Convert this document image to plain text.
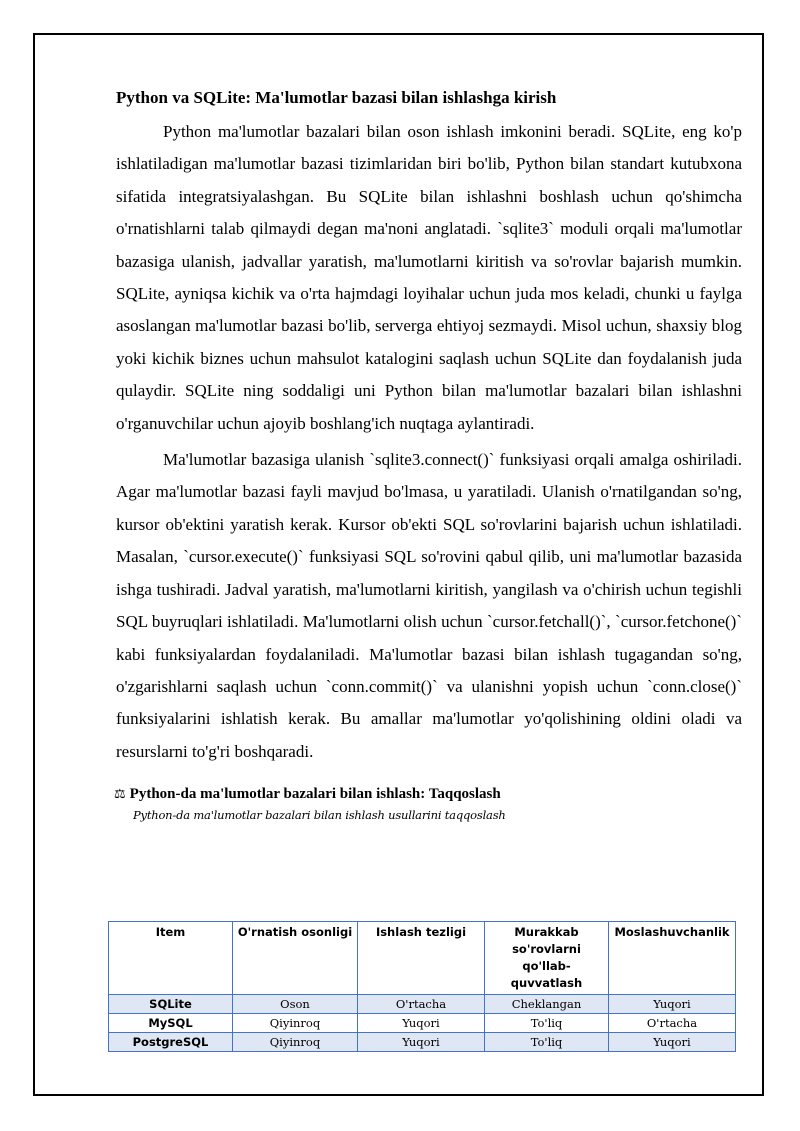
Python va SQLite: Ma'lumotlar bazasi bilan ishlashga kirish

Python ma'lumotlar bazalari bilan oson ishlash imkonini beradi. SQLite, eng ko'p ishlatiladigan ma'lumotlar bazasi tizimlaridan biri bo'lib, Python bilan standart kutubxona sifatida integratsiyalashgan. Bu SQLite bilan ishlashni boshlash uchun qo'shimcha o'rnatishlarni talab qilmaydi degan ma'noni anglatadi. `sqlite3` moduli orqali ma'lumotlar bazasiga ulanish, jadvallar yaratish, ma'lumotlarni kiritish va so'rovlar bajarish mumkin. SQLite, ayniqsa kichik va o'rta hajmdagi loyihalar uchun juda mos keladi, chunki u faylga asoslangan ma'lumotlar bazasi bo'lib, serverga ehtiyoj sezmaydi. Misol uchun, shaxsiy blog yoki kichik biznes uchun mahsulot katalogini saqlash uchun SQLite dan foydalanish juda qulaydir. SQLite ning soddaligi uni Python bilan ma'lumotlar bazalari bilan ishlashni o'rganuvchilar uchun ajoyib boshlang'ich nuqtaga aylantiradi.

Ma'lumotlar bazasiga ulanish `sqlite3.connect()` funksiyasi orqali amalga oshiriladi. Agar ma'lumotlar bazasi fayli mavjud bo'lmasa, u yaratiladi. Ulanish o'rnatilgandan so'ng, kursor ob'ektini yaratish kerak. Kursor ob'ekti SQL so'rovlarini bajarish uchun ishlatiladi. Masalan, `cursor.execute()` funksiyasi SQL so'rovini qabul qilib, uni ma'lumotlar bazasida ishga tushiradi. Jadval yaratish, ma'lumotlarni kiritish, yangilash va o'chirish uchun tegishli SQL buyruqlari ishlatiladi. Ma'lumotlarni olish uchun `cursor.fetchall()`, `cursor.fetchone()` kabi funksiyalardan foydalaniladi. Ma'lumotlar bazasi bilan ishlash tugagandan so'ng, o'zgarishlarni saqlash uchun `conn.commit()` va ulanishni yopish uchun `conn.close()` funksiyalarini ishlatish kerak. Bu amallar ma'lumotlar yo'qolishining oldini oladi va resurslarni to'g'ri boshqaradi.

⚖ Python-da ma'lumotlar bazalari bilan ishlash: Taqqoslash
Python-da ma'lumotlar bazalari bilan ishlash usullarini taqqoslash
Item	O'rnatish osonligi	Ishlash tezligi	Murakkab so'rovlarni qo'llab-quvvatlash	Moslashuvchanlik
SQLite	Oson	O'rtacha	Cheklangan	Yuqori
MySQL	Qiyinroq	Yuqori	To'liq	O'rtacha
PostgreSQL	Qiyinroq	Yuqori	To'liq	Yuqori
